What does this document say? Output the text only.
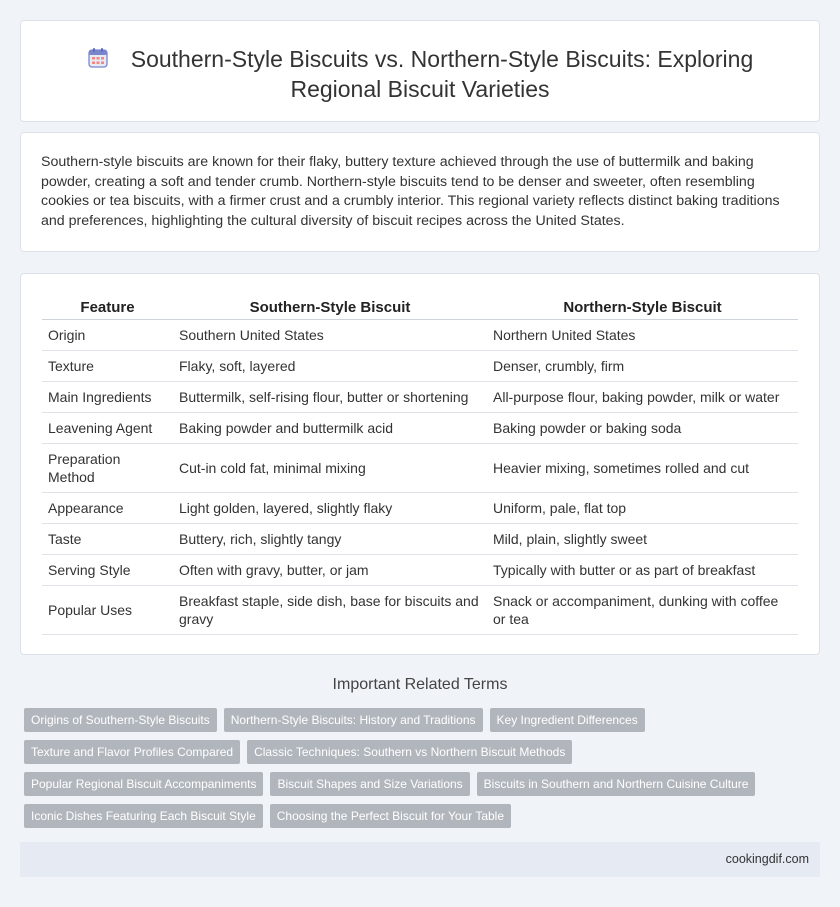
Southern-Style Biscuits vs. Northern-Style Biscuits: Exploring Regional Biscuit Varieties

Southern-style biscuits are known for their flaky, buttery texture achieved through the use of buttermilk and baking powder, creating a soft and tender crumb. Northern-style biscuits tend to be denser and sweeter, often resembling cookies or tea biscuits, with a firmer crust and a crumbly interior. This regional variety reflects distinct baking traditions and preferences, highlighting the cultural diversity of biscuit recipes across the United States.

Feature	Southern-Style Biscuit	Northern-Style Biscuit
Origin	Southern United States	Northern United States
Texture	Flaky, soft, layered	Denser, crumbly, firm
Main Ingredients	Buttermilk, self-rising flour, butter or shortening	All-purpose flour, baking powder, milk or water
Leavening Agent	Baking powder and buttermilk acid	Baking powder or baking soda
Preparation Method	Cut-in cold fat, minimal mixing	Heavier mixing, sometimes rolled and cut
Appearance	Light golden, layered, slightly flaky	Uniform, pale, flat top
Taste	Buttery, rich, slightly tangy	Mild, plain, slightly sweet
Serving Style	Often with gravy, butter, or jam	Typically with butter or as part of breakfast
Popular Uses	Breakfast staple, side dish, base for biscuits and gravy	Snack or accompaniment, dunking with coffee or tea
Important Related Terms
Origins of Southern-Style Biscuits	Northern-Style Biscuits: History and Traditions	Key Ingredient Differences
Texture and Flavor Profiles Compared	Classic Techniques: Southern vs Northern Biscuit Methods
Popular Regional Biscuit Accompaniments	Biscuit Shapes and Size Variations	Biscuits in Southern and Northern Cuisine Culture
Iconic Dishes Featuring Each Biscuit Style	Choosing the Perfect Biscuit for Your Table
cookingdif.com
